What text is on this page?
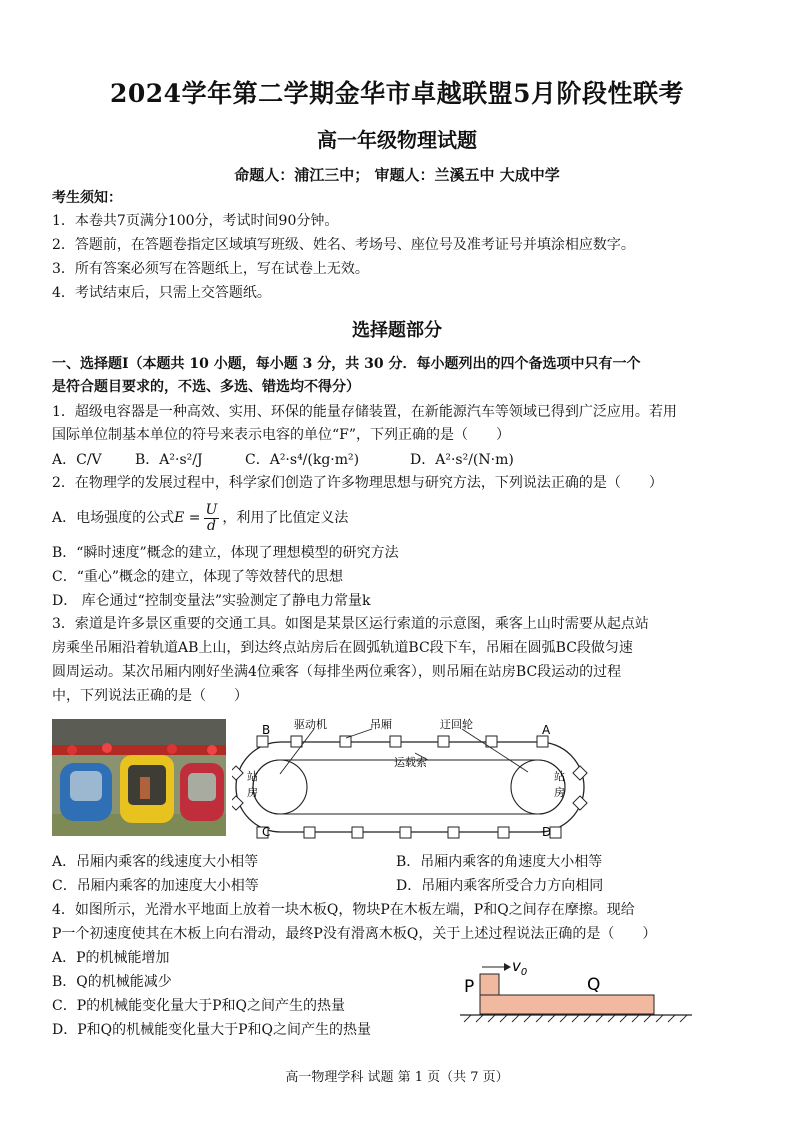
2024学年第二学期金华市卓越联盟5月阶段性联考
高一年级物理试题
命题人：浦江三中； 审题人：兰溪五中 大成中学
考生须知：
1．本卷共7页满分100分，考试时间90分钟。
2．答题前，在答题卷指定区域填写班级、姓名、考场号、座位号及准考证号并填涂相应数字。
3．所有答案必须写在答题纸上，写在试卷上无效。
4．考试结束后，只需上交答题纸。
选择题部分
一、选择题Ⅰ（本题共 10 小题，每小题 3 分，共 30 分．每小题列出的四个备选项中只有一个
是符合题目要求的，不选、多选、错选均不得分）
1．超级电容器是一种高效、实用、环保的能量存储装置，在新能源汽车等领域已得到广泛应用。若用
国际单位制基本单位的符号来表示电容的单位“F”，下列正确的是（　　）
A．C/V B．A²·s²/J	C．A²·s⁴/(kg·m²)	D．A²·s²/(N·m)
2．在物理学的发展过程中，科学家们创造了许多物理思想与研究方法，下列说法正确的是（　　）
A．电场强度的公式$E = \frac{U}{d}$ ，利用了比值定义法
B．“瞬时速度”概念的建立，体现了理想模型的研究方法
C．“重心”概念的建立，体现了等效替代的思想
D． 库仑通过“控制变量法”实验测定了静电力常量k
3．索道是许多景区重要的交通工具。如图是某景区运行索道的示意图，乘客上山时需要从起点站
房乘坐吊厢沿着轨道AB上山，到达终点站房后在圆弧轨道BC段下车，吊厢在圆弧BC段做匀速
圆周运动。某次吊厢内刚好坐满4位乘客（每排坐两位乘客），则吊厢在站房BC段运动的过程
中，下列说法正确的是（　　）
B	A
C	D
驱动机	吊厢	迂回轮
运载索
站
房
站
房
A．吊厢内乘客的线速度大小相等	B．吊厢内乘客的角速度大小相等
C．吊厢内乘客的加速度大小相等	D．吊厢内乘客所受合力方向相同
4．如图所示，光滑水平地面上放着一块木板Q，物块P在木板左端，P和Q之间存在摩擦。现给
P一个初速度使其在木板上向右滑动，最终P没有滑离木板Q，关于上述过程说法正确的是（　　）
A．P的机械能增加
B．Q的机械能减少
C．P的机械能变化量大于P和Q之间产生的热量
D．P和Q的机械能变化量大于P和Q之间产生的热量
$v_0$
P	Q
高一物理学科 试题 第 1 页（共 7 页）
